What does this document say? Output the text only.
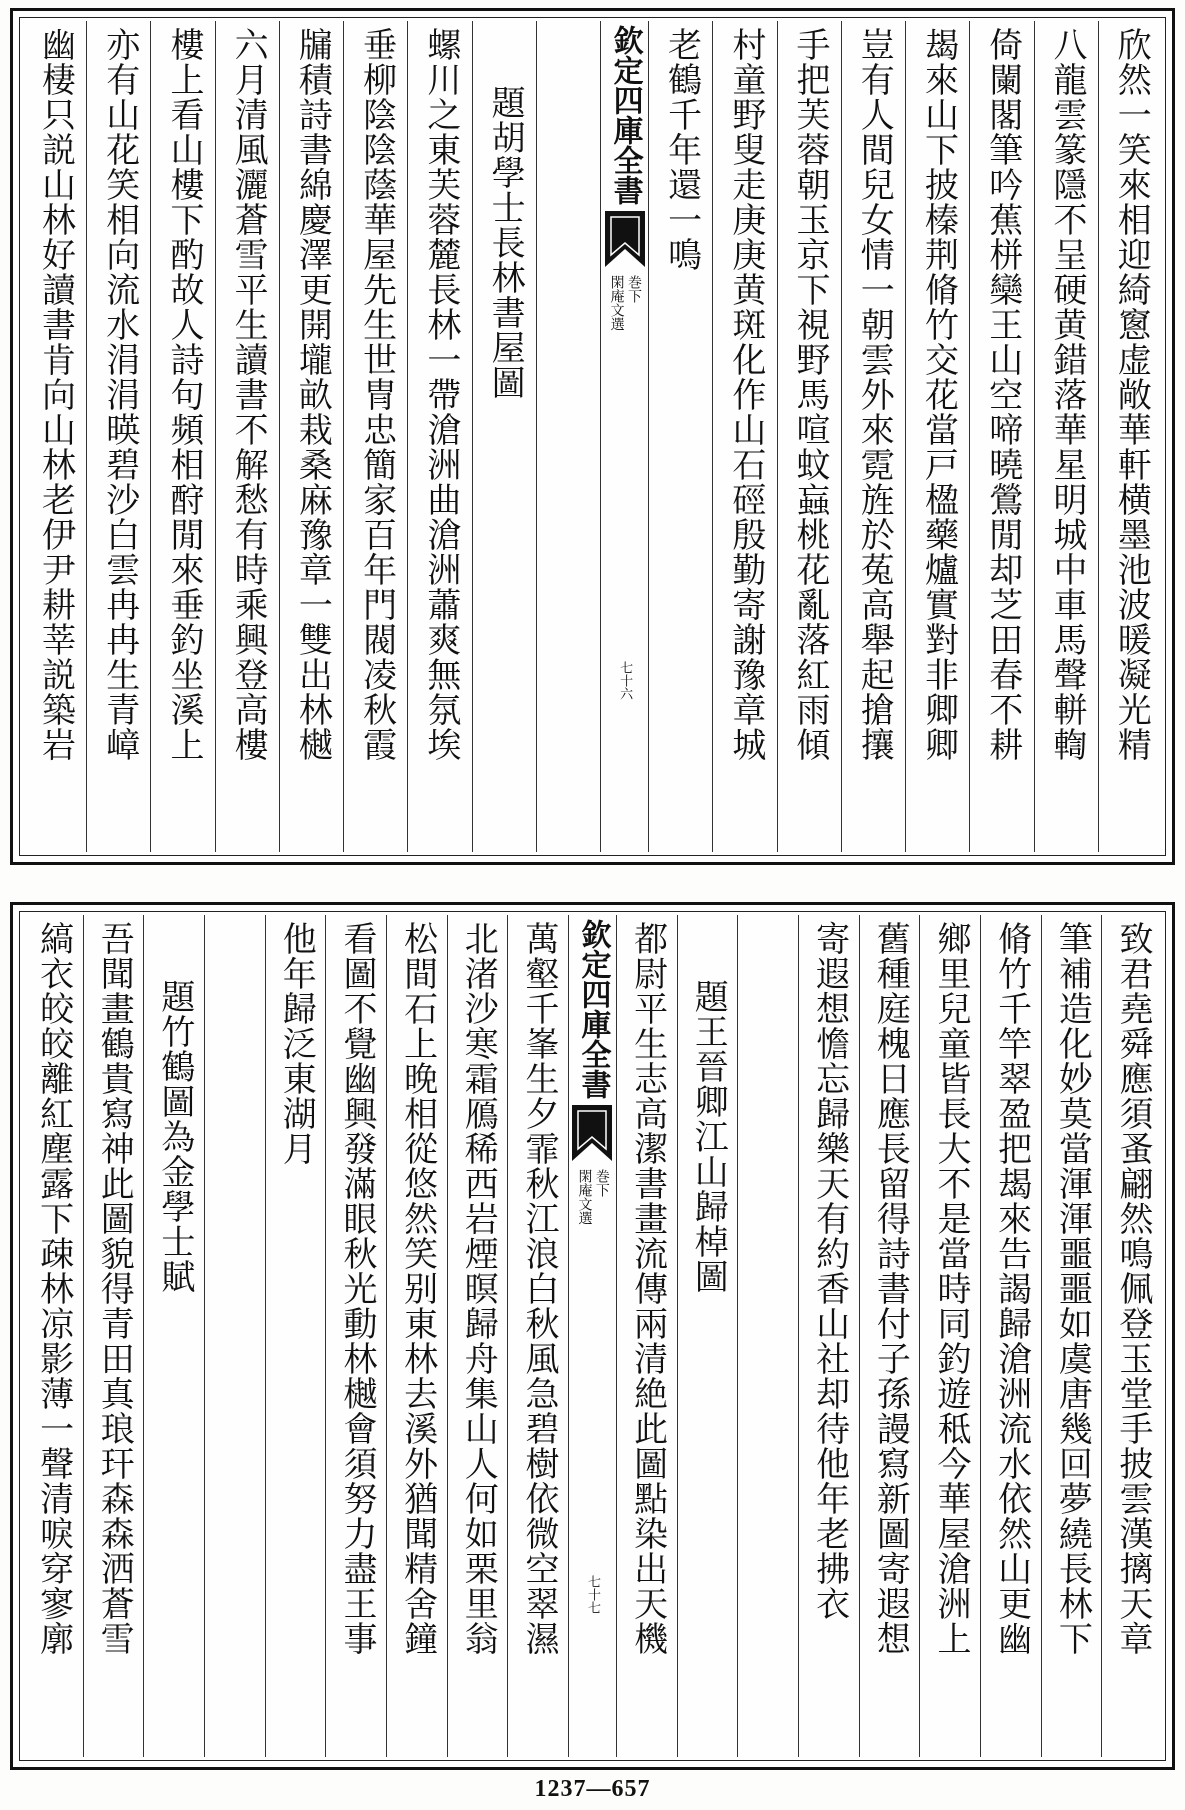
欣然一笑來相迎綺窻虚敞華軒横墨池波暖凝光精
八龍雲篆隱不呈硬黄錯落華星明城中車馬聲軿輷
倚闌閣筆吟蕉栟欒王山空啼曉鶯閒却芝田春不耕
朅來山下披榛荆脩竹交花當戸楹藥爐實對非卿卿
豈有人間兒女情一朝雲外來霓旌於菟高舉起搶攘
手把芙蓉朝玉京下視野馬喧蚊蝱桃花亂落紅雨傾
村童野叟走庚庚黄斑化作山石硜殷勤寄謝豫章城
老鶴千年還一鳴
欽定四庫全書
閑庵文選 巻下
七十六
題胡學士長林書屋圖
螺川之東芙蓉麓長林一帶滄洲曲滄洲蕭爽無氛埃
垂柳陰陰蔭華屋先生世冑忠簡家百年門閥凌秋霞
牖積詩書綿慶澤更開壠畝栽桑麻豫章一雙出林樾
六月清風灑蒼雪平生讀書不解愁有時乘興登高樓
樓上看山樓下酌故人詩句頻相酧閒來垂釣坐溪上
亦有山花笑相向流水涓涓暎碧沙白雲冉冉生青嶂
幽棲只説山林好讀書肯向山林老伊尹耕莘説築岩
致君堯舜應須蚤翩然鳴佩登玉堂手披雲漢摛天章
筆補造化妙莫當渾渾噩噩如虞唐幾回夢繞長林下
脩竹千竿翠盈把朅來告謁歸滄洲流水依然山更幽
鄉里兒童皆長大不是當時同釣遊秪今華屋滄洲上
舊種庭槐日應長留得詩書付子孫謾寫新圖寄遐想
寄遐想憺忘歸樂天有約香山社却待他年老拂衣
題王晉卿江山歸棹圖
都尉平生志高潔書畫流傳兩清絶此圖點染出天機
欽定四庫全書
閑庵文選 巻下
七十七
萬壑千峯生夕霏秋江浪白秋風急碧樹依微空翠濕
北渚沙寒霜鴈稀西岩煙暝歸舟集山人何如栗里翁
松間石上晚相從悠然笑别東林去溪外猶聞精舍鐘
看圖不覺幽興發滿眼秋光動林樾會須努力盡王事
他年歸泛東湖月
題竹鶴圖為金學士賦
吾聞畫鶴貴寫神此圖貌得青田真琅玕森森洒蒼雪
縞衣皎皎離紅塵露下疎林凉影薄一聲清唳穿寥廓
1237—657
